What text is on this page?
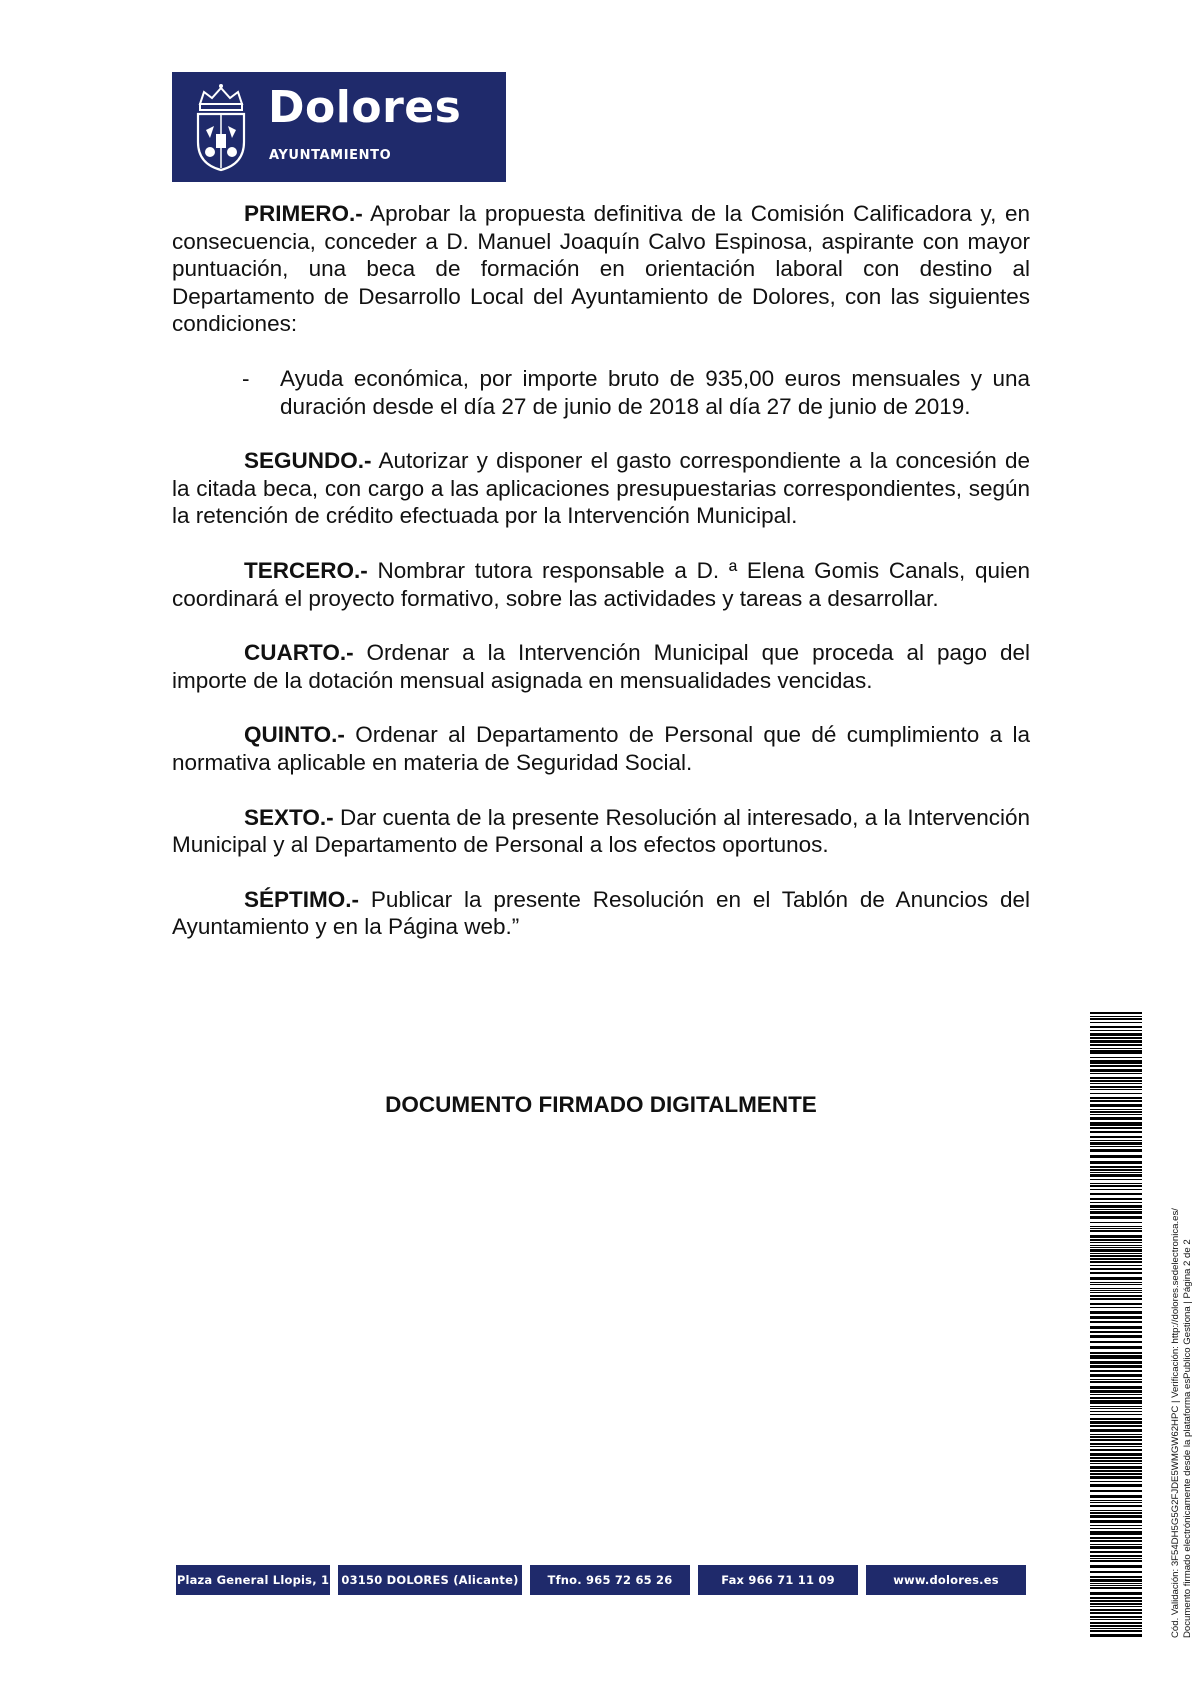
Dolores
AYUNTAMIENTO

PRIMERO.- Aprobar la propuesta definitiva de la Comisión Calificadora y, en consecuencia, conceder a D. Manuel Joaquín Calvo Espinosa, aspirante con mayor puntuación, una beca de formación en orientación laboral con destino al Departamento de Desarrollo Local del Ayuntamiento de Dolores, con las siguientes condiciones:

- Ayuda económica, por importe bruto de 935,00 euros mensuales y una duración desde el día 27 de junio de 2018 al día 27 de junio de 2019.

SEGUNDO.- Autorizar y disponer el gasto correspondiente a la concesión de la citada beca, con cargo a las aplicaciones presupuestarias correspondientes, según la retención de crédito efectuada por la Intervención Municipal.

TERCERO.- Nombrar tutora responsable a D. ª Elena Gomis Canals, quien coordinará el proyecto formativo, sobre las actividades y tareas a desarrollar.

CUARTO.- Ordenar a la Intervención Municipal que proceda al pago del importe de la dotación mensual asignada en mensualidades vencidas.

QUINTO.- Ordenar al Departamento de Personal que dé cumplimiento a la normativa aplicable en materia de Seguridad Social.

SEXTO.- Dar cuenta de la presente Resolución al interesado, a la Intervención Municipal y al Departamento de Personal a los efectos oportunos.

SÉPTIMO.- Publicar la presente Resolución en el Tablón de Anuncios del Ayuntamiento y en la Página web.”

DOCUMENTO FIRMADO DIGITALMENTE
Plaza General Llopis, 1 03150 DOLORES (Alicante)	Tfno. 965 72 65 26	Fax 966 71 11 09	www.dolores.es	Cód. Validación: 3F54DH5G5G2FJDE5WMGW62HPC | Verificación: http://dolores.sedelectronica.es/ Documento firmado electrónicamente desde la plataforma esPublico Gestiona | Página 2 de 2
